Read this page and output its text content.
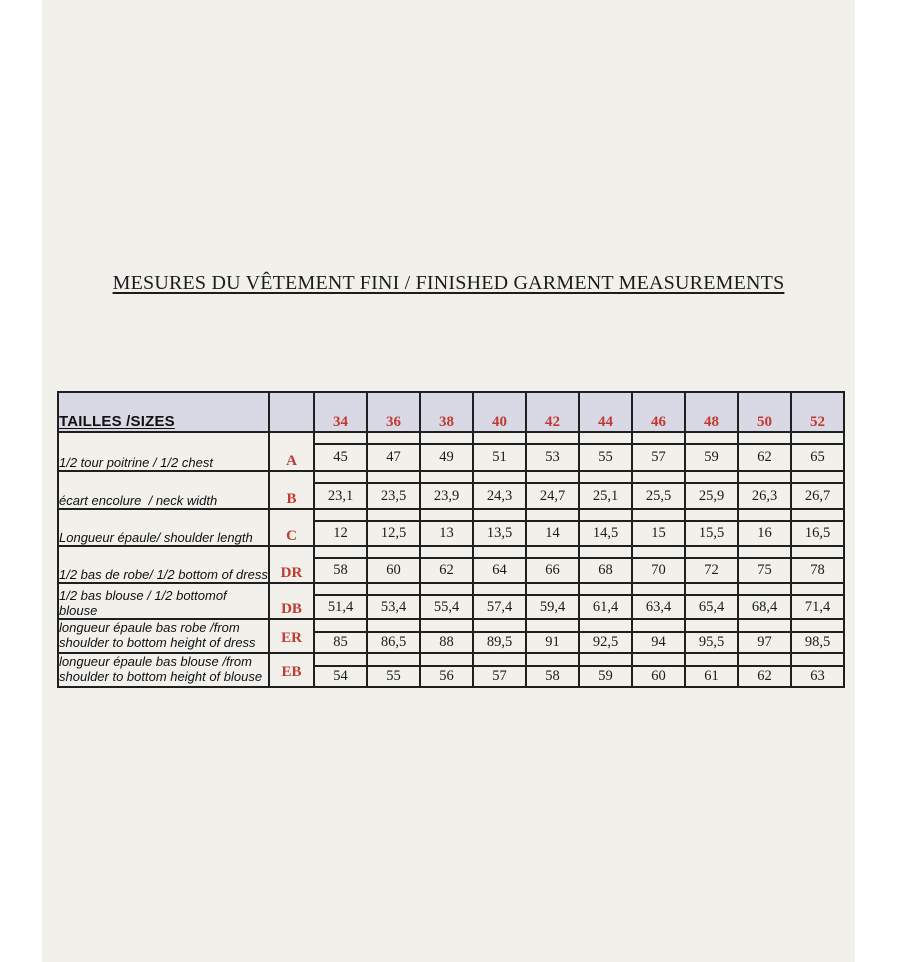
MESURES DU VÊTEMENT FINI / FINISHED GARMENT MEASUREMENTS
TAILLES /SIZES		34	36	38	40	42	44	46	48	50	52
1/2 tour poitrine / 1/2 chest	A	45	47	49	51	53	55	57	59	62	65

écart encolure  / neck width	B	23,1	23,5	23,9	24,3	24,7	25,1	25,5	25,9	26,3	26,7

Longueur épaule/ shoulder length	C	12	12,5	13	13,5	14	14,5	15	15,5	16	16,5

1/2 bas de robe/ 1/2 bottom of dress	DR	58	60	62	64	66	68	70	72	75	78

1/2 bas blouse / 1/2 bottomof blouse	DB	51,4	53,4	55,4	57,4	59,4	61,4	63,4	65,4	68,4	71,4

longueur épaule bas robe /from
shoulder to bottom height of dress	ER	85	86,5	88	89,5	91	92,5	94	95,5	97	98,5

longueur épaule bas blouse /from
shoulder to bottom height of blouse	EB	54	55	56	57	58	59	60	61	62	63
